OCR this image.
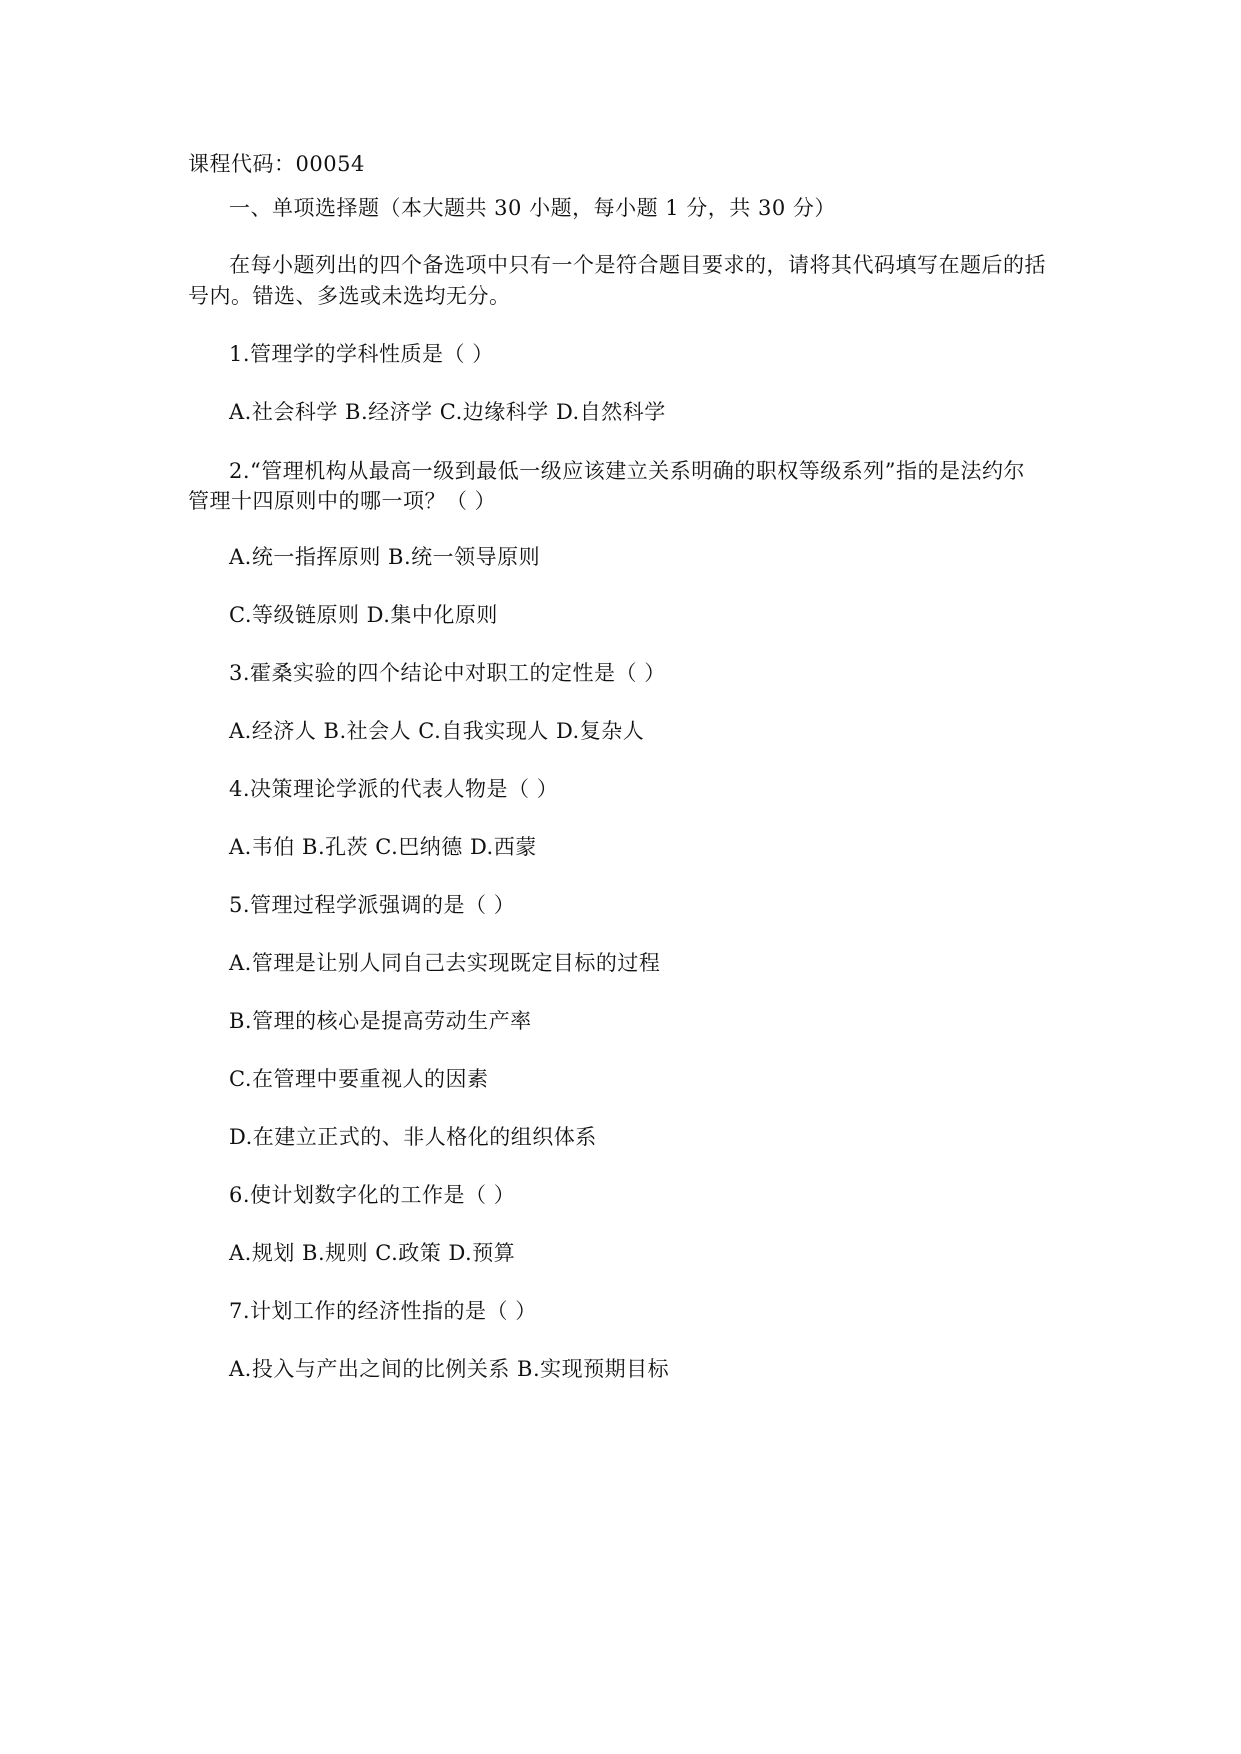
课程代码：00054
一、单项选择题（本大题共 30 小题，每小题 1 分，共 30 分）
在每小题列出的四个备选项中只有一个是符合题目要求的，请将其代码填写在题后的括
号内。错选、多选或未选均无分。
1.管理学的学科性质是（ ）
A.社会科学 B.经济学 C.边缘科学 D.自然科学
2.“管理机构从最高一级到最低一级应该建立关系明确的职权等级系列”指的是法约尔
管理十四原则中的哪一项？（ ）
A.统一指挥原则 B.统一领导原则
C.等级链原则 D.集中化原则
3.霍桑实验的四个结论中对职工的定性是（ ）
A.经济人 B.社会人 C.自我实现人 D.复杂人
4.决策理论学派的代表人物是（ ）
A.韦伯 B.孔茨 C.巴纳德 D.西蒙
5.管理过程学派强调的是（ ）
A.管理是让别人同自己去实现既定目标的过程
B.管理的核心是提高劳动生产率
C.在管理中要重视人的因素
D.在建立正式的、非人格化的组织体系
6.使计划数字化的工作是（ ）
A.规划 B.规则 C.政策 D.预算
7.计划工作的经济性指的是（ ）
A.投入与产出之间的比例关系 B.实现预期目标
